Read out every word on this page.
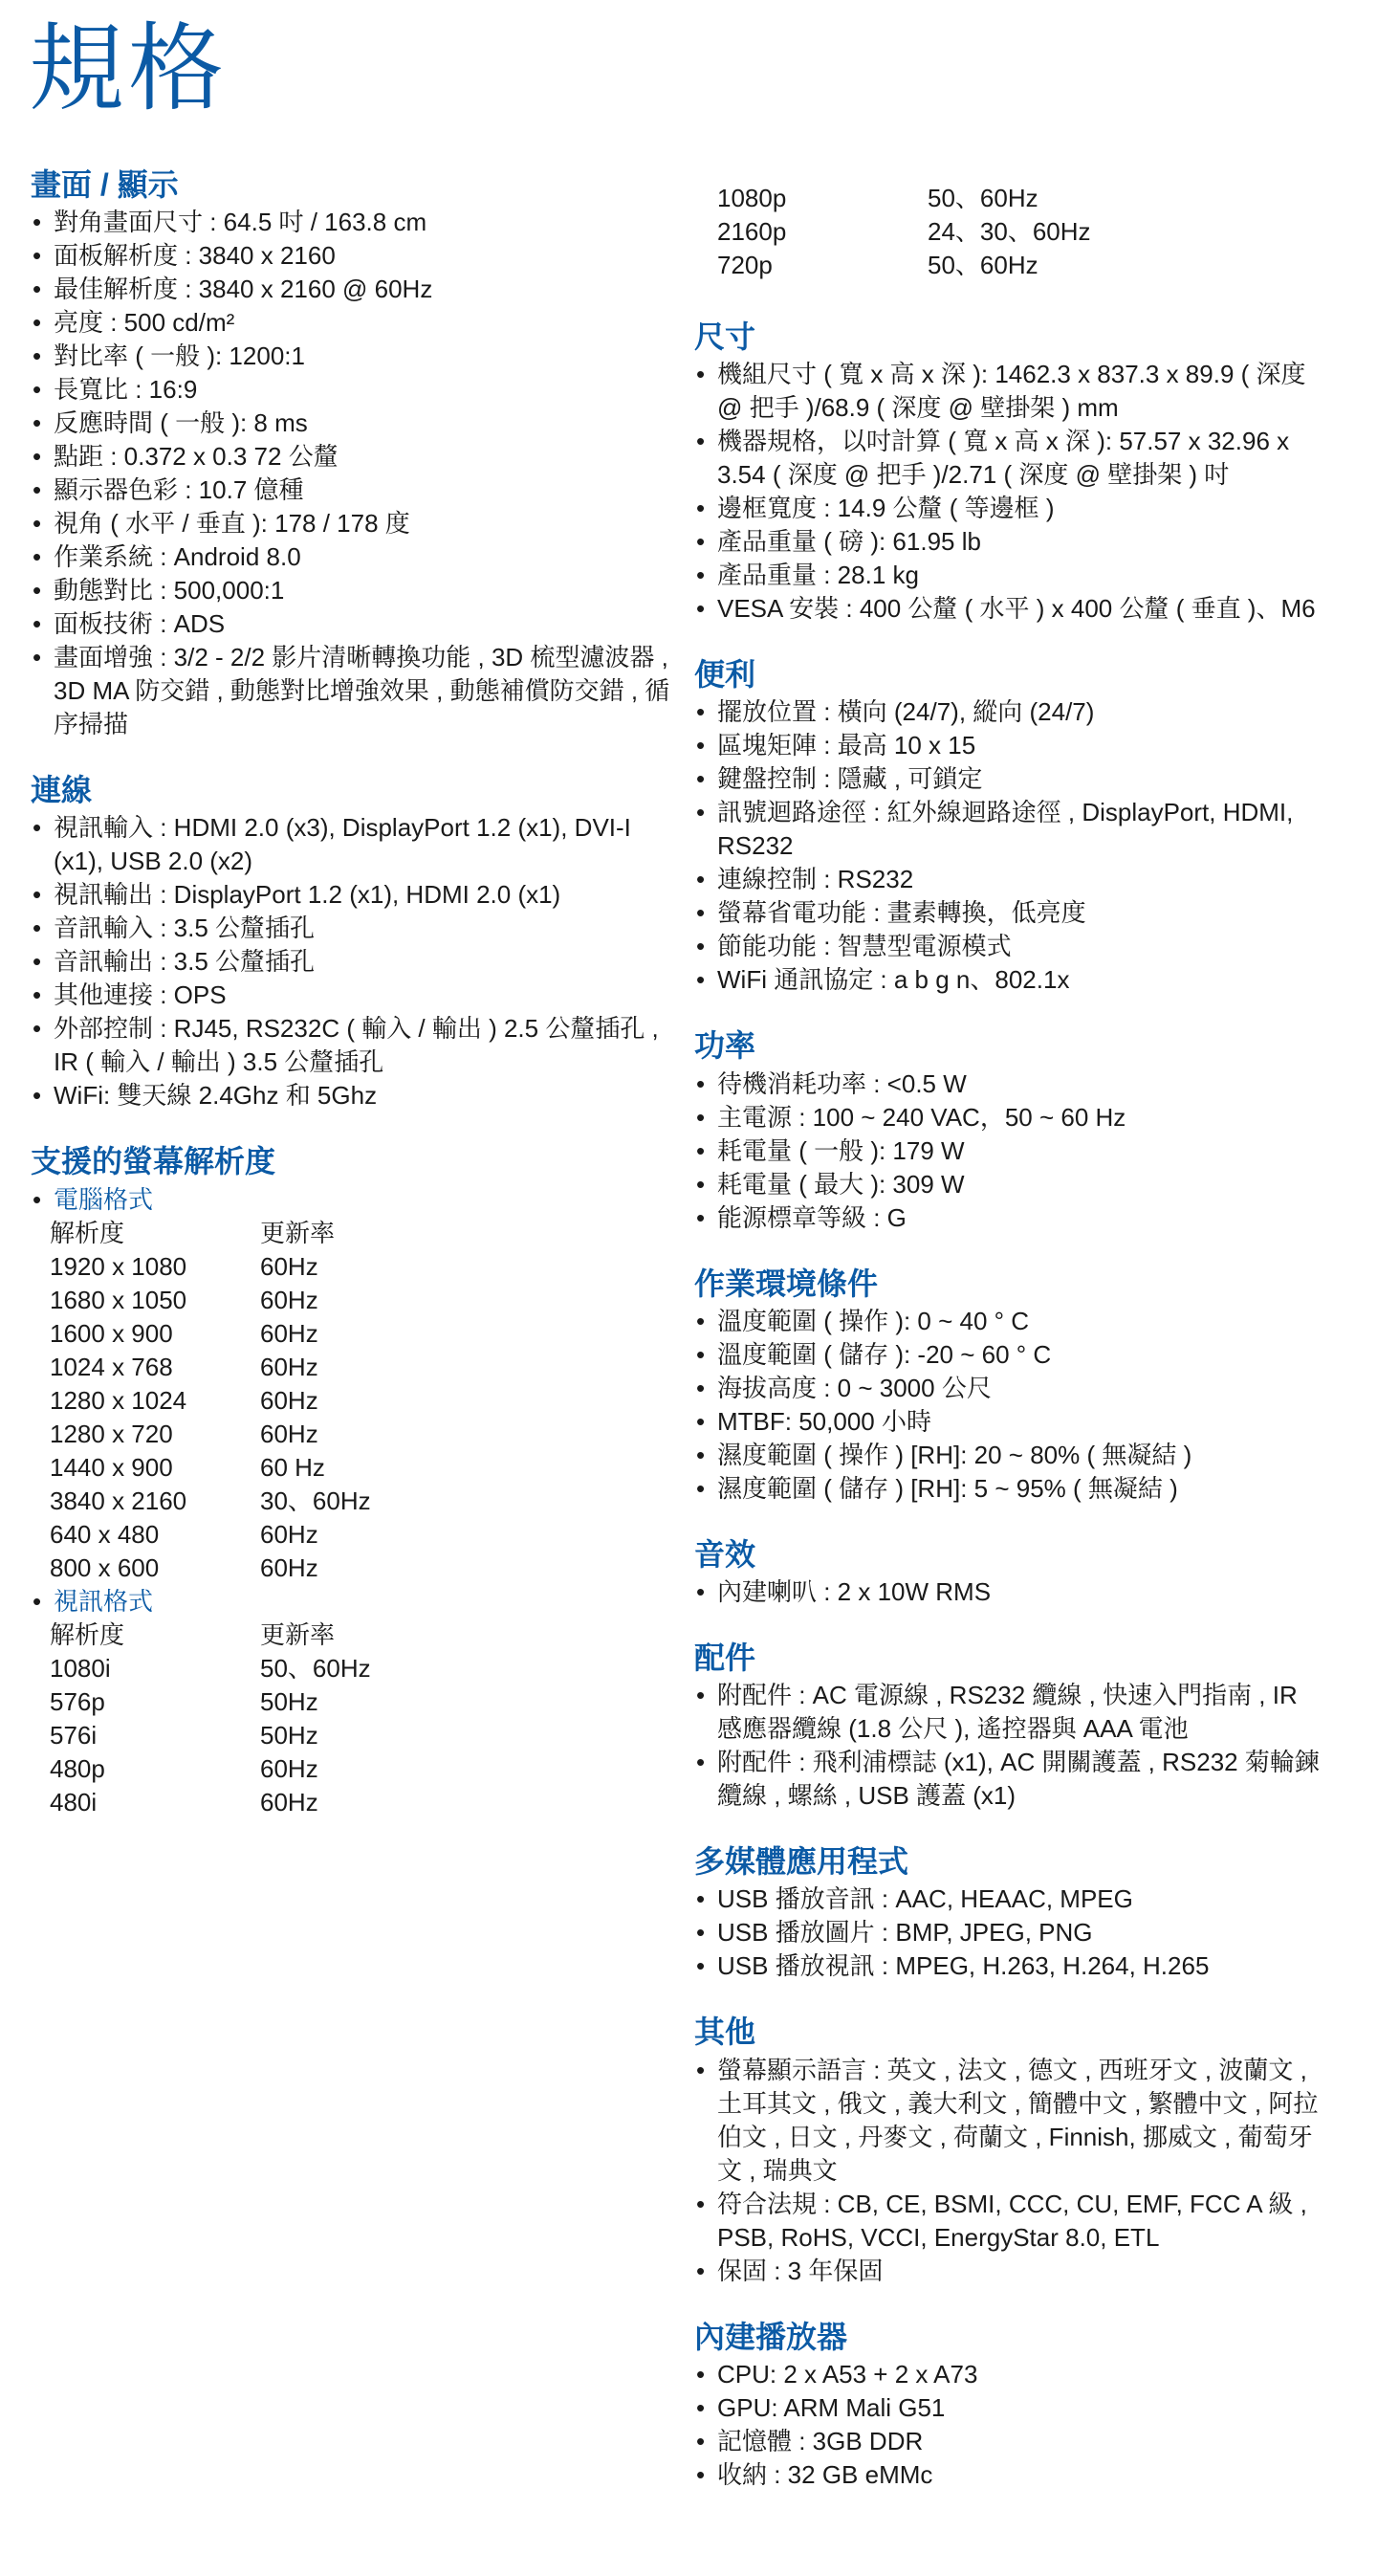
規格
畫面 / 顯示
• 對角畫面尺寸 : 64.5 吋 / 163.8 cm
• 面板解析度 : 3840 x 2160
• 最佳解析度 : 3840 x 2160 @ 60Hz
• 亮度 : 500 cd/m²
• 對比率 ( 一般 ): 1200:1
• 長寬比 : 16:9
• 反應時間 ( 一般 ): 8 ms
• 點距 : 0.372 x 0.3 72 公釐
• 顯示器色彩 : 10.7 億種
• 視角 ( 水平 / 垂直 ): 178 / 178 度
• 作業系統 : Android 8.0
• 動態對比 : 500,000:1
• 面板技術 : ADS
• 畫面增強 : 3/2 - 2/2 影片清晰轉換功能 , 3D 梳型濾波器 , 3D MA 防交錯 , 動態對比增強效果 , 動態補償防交錯 , 循序掃描
連線
• 視訊輸入 : HDMI 2.0 (x3), DisplayPort 1.2 (x1), DVI-I (x1), USB 2.0 (x2)
• 視訊輸出 : DisplayPort 1.2 (x1), HDMI 2.0 (x1)
• 音訊輸入 : 3.5 公釐插孔
• 音訊輸出 : 3.5 公釐插孔
• 其他連接 : OPS
• 外部控制 : RJ45, RS232C ( 輸入 / 輸出 ) 2.5 公釐插孔 , IR ( 輸入 / 輸出 ) 3.5 公釐插孔
• WiFi: 雙天線 2.4Ghz 和 5Ghz
支援的螢幕解析度
• 電腦格式
解析度	更新率
1920 x 1080	60Hz
1680 x 1050	60Hz
1600 x 900	60Hz
1024 x 768	60Hz
1280 x 1024	60Hz
1280 x 720	60Hz
1440 x 900	60 Hz
3840 x 2160	30、60Hz
640 x 480	60Hz
800 x 600	60Hz
• 視訊格式
解析度	更新率
1080i	50、60Hz
576p	50Hz
576i	50Hz
480p	60Hz
480i	60Hz
1080p	50、60Hz
2160p	24、30、60Hz
720p	50、60Hz
尺寸
• 機組尺寸 ( 寬 x 高 x 深 ): 1462.3 x 837.3 x 89.9 ( 深度 @ 把手 )/68.9 ( 深度 @ 壁掛架 ) mm
• 機器規格，以吋計算 ( 寬 x 高 x 深 ): 57.57 x 32.96 x 3.54 ( 深度 @ 把手 )/2.71 ( 深度 @ 壁掛架 ) 吋
• 邊框寬度 : 14.9 公釐 ( 等邊框 )
• 產品重量 ( 磅 ): 61.95 lb
• 產品重量 : 28.1 kg
• VESA 安裝 : 400 公釐 ( 水平 ) x 400 公釐 ( 垂直 )、M6
便利
• 擺放位置 : 橫向 (24/7), 縱向 (24/7)
• 區塊矩陣 : 最高 10 x 15
• 鍵盤控制 : 隱藏 , 可鎖定
• 訊號迴路途徑 : 紅外線迴路途徑 , DisplayPort, HDMI, RS232
• 連線控制 : RS232
• 螢幕省電功能 : 畫素轉換，低亮度
• 節能功能 : 智慧型電源模式
• WiFi 通訊協定 : a b g n、802.1x
功率
• 待機消耗功率 : <0.5 W
• 主電源 : 100 ~ 240 VAC，50 ~ 60 Hz
• 耗電量 ( 一般 ): 179 W
• 耗電量 ( 最大 ): 309 W
• 能源標章等級 : G
作業環境條件
• 溫度範圍 ( 操作 ): 0 ~ 40 ° C
• 溫度範圍 ( 儲存 ): -20 ~ 60 ° C
• 海拔高度 : 0 ~ 3000 公尺
• MTBF: 50,000 小時
• 濕度範圍 ( 操作 ) [RH]: 20 ~ 80% ( 無凝結 )
• 濕度範圍 ( 儲存 ) [RH]: 5 ~ 95% ( 無凝結 )
音效
• 內建喇叭 : 2 x 10W RMS
配件
• 附配件 : AC 電源線 , RS232 纜線 , 快速入門指南 , IR 感應器纜線 (1.8 公尺 ), 遙控器與 AAA 電池
• 附配件 : 飛利浦標誌 (x1), AC 開關護蓋 , RS232 菊輪鍊纜線 , 螺絲 , USB 護蓋 (x1)
多媒體應用程式
• USB 播放音訊 : AAC, HEAAC, MPEG
• USB 播放圖片 : BMP, JPEG, PNG
• USB 播放視訊 : MPEG, H.263, H.264, H.265
其他
• 螢幕顯示語言 : 英文 , 法文 , 德文 , 西班牙文 , 波蘭文 , 土耳其文 , 俄文 , 義大利文 , 簡體中文 , 繁體中文 , 阿拉伯文 , 日文 , 丹麥文 , 荷蘭文 , Finnish, 挪威文 , 葡萄牙文 , 瑞典文
• 符合法規 : CB, CE, BSMI, CCC, CU, EMF, FCC A 級 , PSB, RoHS, VCCI, EnergyStar 8.0, ETL
• 保固 : 3 年保固
內建播放器
• CPU: 2 x A53 + 2 x A73
• GPU: ARM Mali G51
• 記憶體 : 3GB DDR
• 收納 : 32 GB eMMc
